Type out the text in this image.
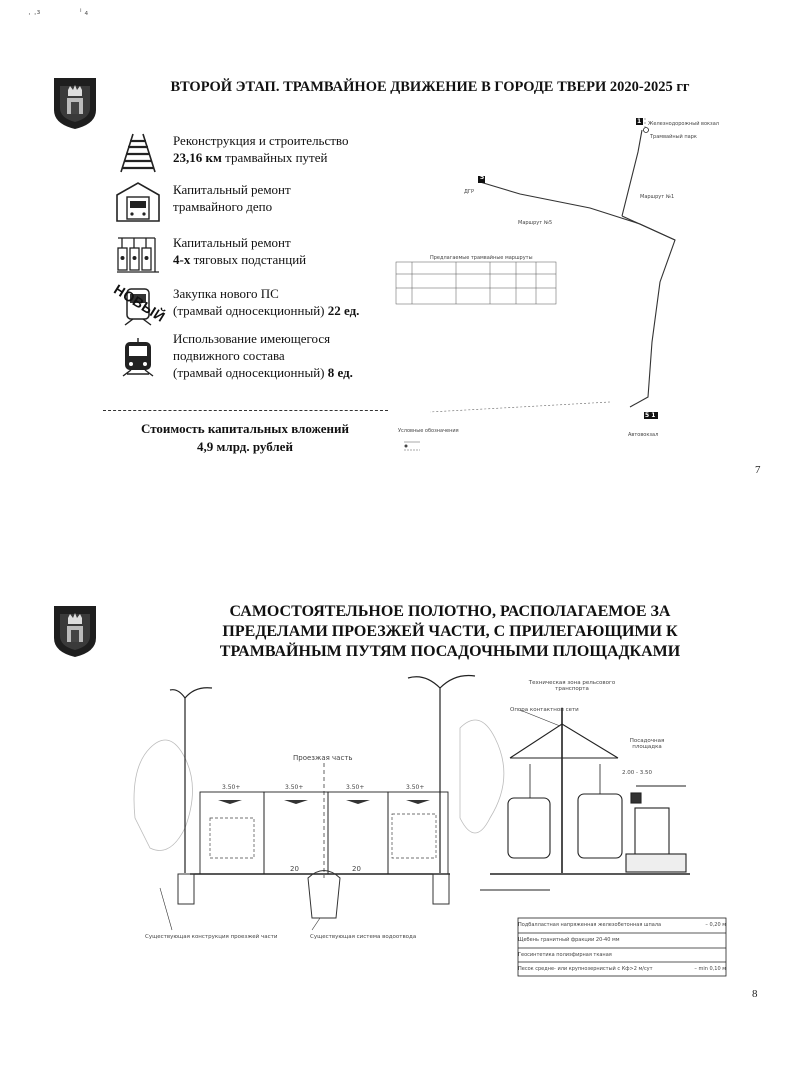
· ·³	ⁱ ₄
ВТОРОЙ ЭТАП. ТРАМВАЙНОЕ ДВИЖЕНИЕ В ГОРОДЕ ТВЕРИ 2020-2025 гг
Реконструкция и строительство
23,16 км трамвайных путей
Капитальный ремонт
трамвайного депо
Капитальный ремонт
4-х тяговых подстанций
НОВЫЙ Закупка нового ПС
(трамвай односекционный) 22 ед.
Использование имеющегося
подвижного состава
(трамвай односекционный) 8 ед.
Стоимость капитальных вложений
4,9 млрд. рублей
Железнодорожный вокзал
Трамвайный парк
ДГР
Маршрут №1
Маршрут №5
Предлагаемые трамвайные маршруты
Автовокзал
Условные обозначения
5
1
5 1
7
САМОСТОЯТЕЛЬНОЕ ПОЛОТНО, РАСПОЛАГАЕМОЕ ЗА
ПРЕДЕЛАМИ ПРОЕЗЖЕЙ ЧАСТИ, С ПРИЛЕГАЮЩИМИ К
ТРАМВАЙНЫМ ПУТЯМ ПОСАДОЧНЫМИ ПЛОЩАДКАМИ
Проезжая часть
3.50+	3.50+	3.50+	3.50+
20	20
Техническая зона рельсового транспорта
Опора контактной сети
Посадочная площадка
2.00 - 3.50
Существующая конструкция проезжей части	Существующая система водоотвода
Подбалластная напряженная железобетонная шпала	– 0,20 м
Щебень гранитный фракции 20-40 мм
Геосинтетика полиэфирная тканая
Песок средне- или крупнозернистый с Кф>2 м/сут	– min 0,10 м
8
